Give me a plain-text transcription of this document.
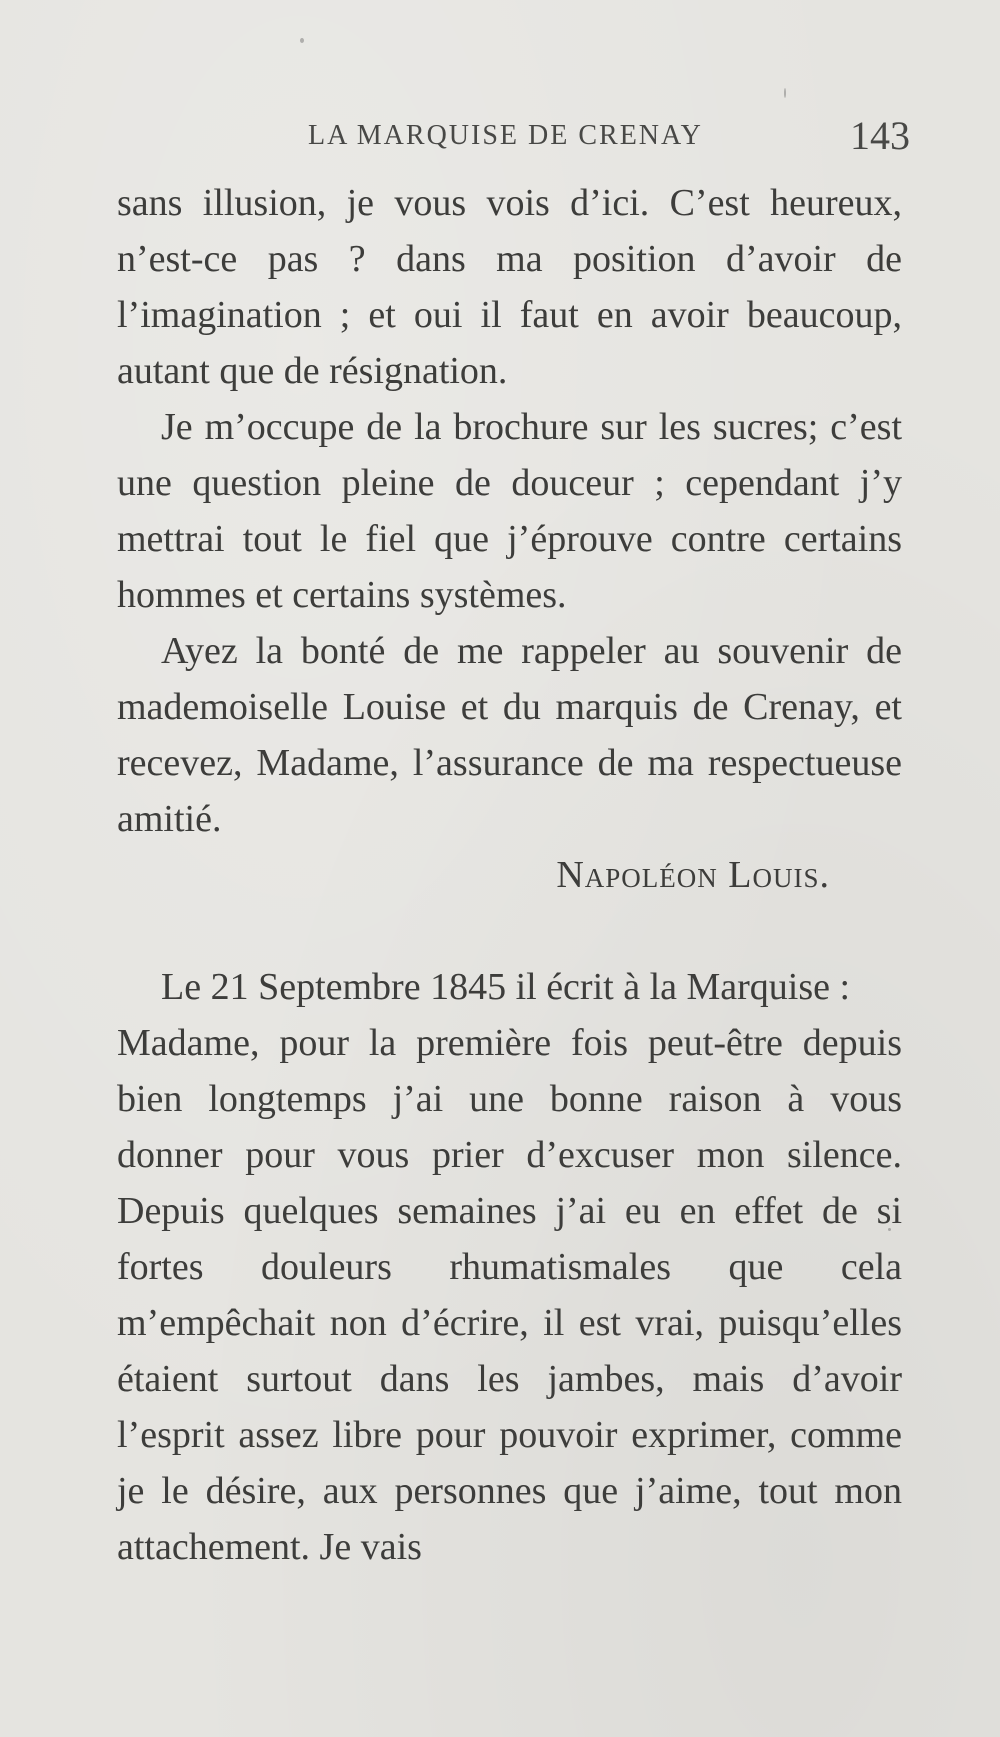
LA MARQUISE DE CRENAY	143

sans illusion, je vous vois d’ici. C’est heureux, n’est-ce pas ? dans ma position d’avoir de l’imagination ; et oui il faut en avoir beaucoup, autant que de résignation.

Je m’occupe de la brochure sur les sucres; c’est une question pleine de douceur ; cependant j’y mettrai tout le fiel que j’éprouve contre certains hommes et certains systèmes.

Ayez la bonté de me rappeler au souvenir de mademoiselle Louise et du marquis de Crenay, et recevez, Madame, l’assurance de ma respectueuse amitié.

Napoléon Louis.

Le 21 Septembre 1845 il écrit à la Marquise :

Madame, pour la première fois peut-être depuis bien longtemps j’ai une bonne raison à vous donner pour vous prier d’excuser mon silence. Depuis quelques semaines j’ai eu en effet de si fortes douleurs rhumatismales que cela m’empêchait non d’écrire, il est vrai, puisqu’elles étaient surtout dans les jambes, mais d’avoir l’esprit assez libre pour pouvoir exprimer, comme je le désire, aux personnes que j’aime, tout mon attachement. Je vais
